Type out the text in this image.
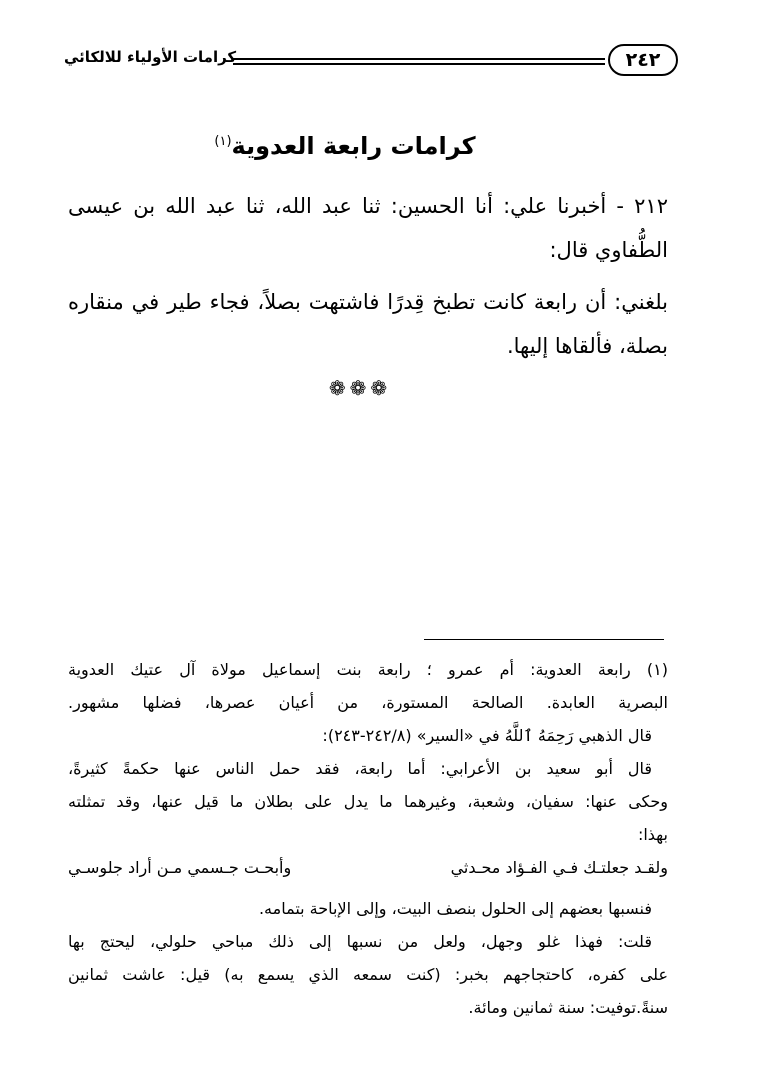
٢٤٢
كرامات الأولياء للالكائي
كرامات رابعة العدوية$^{(١)}$
٢١٢ - أخبرنا علي: أنا الحسين: ثنا عبد الله، ثنا عبد الله بن عيسى
الطُّفاوي قال:
بلغني: أن رابعة كانت تطبخ قِدرًا فاشتهت بصلاً، فجاء طير في منقاره
بصلة، فألقاها إليها.
❁❁❁
(١) رابعة العدوية: أم عمرو ؛ رابعة بنت إسماعيل مولاة آل عتيك العدوية
البصرية العابدة. الصالحة المستورة، من أعيان عصرها، فضلها مشهور.
قال الذهبي رَحِمَهُ ٱللَّهُ في «السير» (٢٤٢/٨-٢٤٣):
قال أبو سعيد بن الأعرابي: أما رابعة، فقد حمل الناس عنها حكمةً كثيرةً،
وحكى عنها: سفيان، وشعبة، وغيرهما ما يدل على بطلان ما قيل عنها، وقد تمثلته
بهذا:
ولقـد جعلتـك فـي الفـؤاد محـدثي
وأبحـت جـسمي مـن أراد جلوسـي
فنسبها بعضهم إلى الحلول بنصف البيت، وإلى الإباحة بتمامه.
قلت: فهذا غلو وجهل، ولعل من نسبها إلى ذلك مباحي حلولي، ليحتج بها
على كفره، كاحتجاجهم بخبر: (كنت سمعه الذي يسمع به) قيل: عاشت ثمانين
سنةً.توفيت: سنة ثمانين ومائة.
